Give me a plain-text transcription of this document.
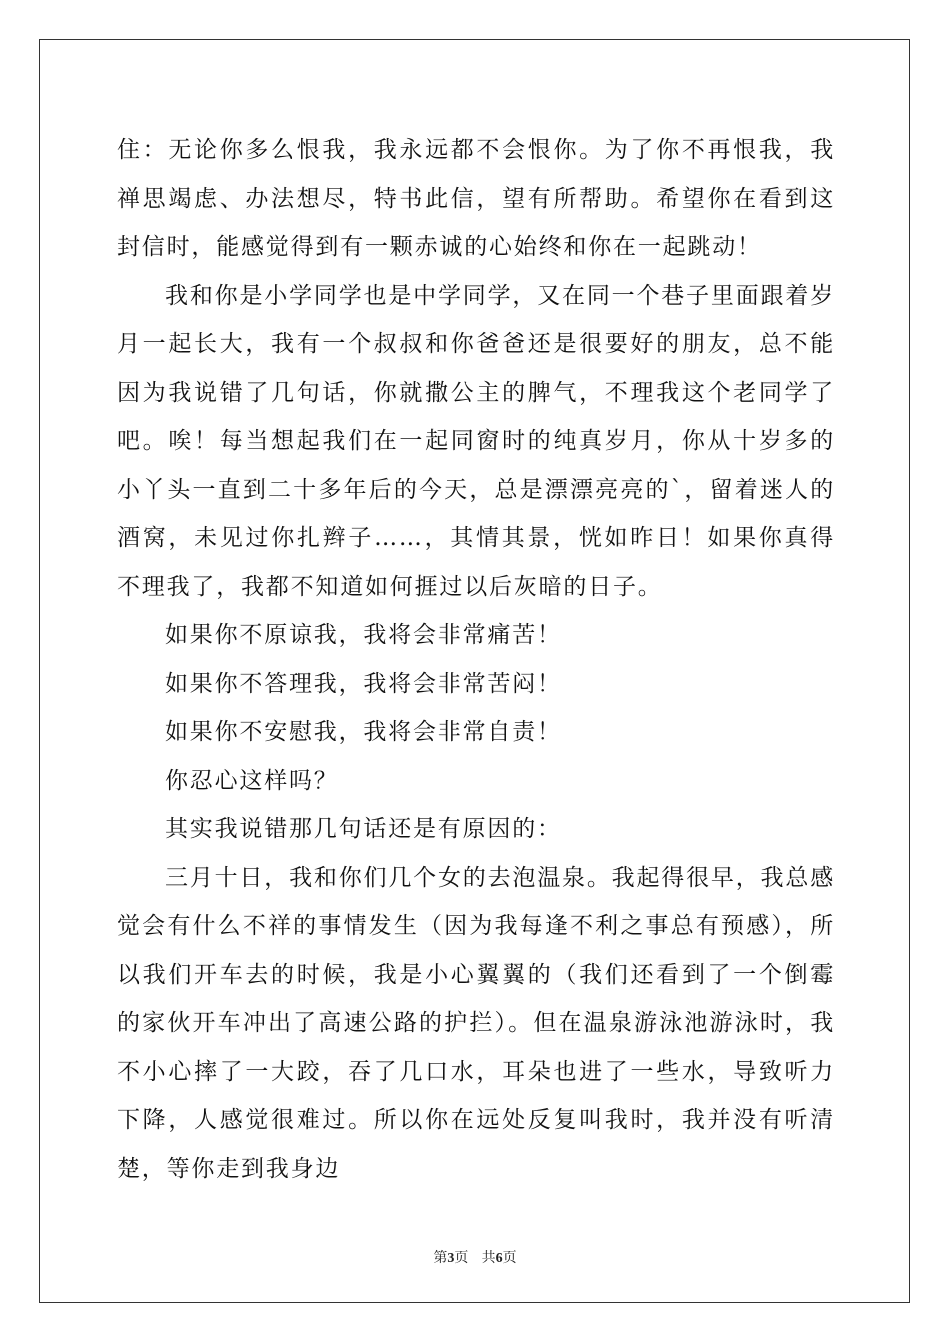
住：无论你多么恨我，我永远都不会恨你。为了你不再恨我，我禅思竭虑、办法想尽，特书此信，望有所帮助。希望你在看到这封信时，能感觉得到有一颗赤诚的心始终和你在一起跳动！

我和你是小学同学也是中学同学，又在同一个巷子里面跟着岁月一起长大，我有一个叔叔和你爸爸还是很要好的朋友，总不能因为我说错了几句话，你就撒公主的脾气，不理我这个老同学了吧。唉！每当想起我们在一起同窗时的纯真岁月，你从十岁多的小丫头一直到二十多年后的今天，总是漂漂亮亮的`，留着迷人的酒窝，未见过你扎辫子……，其情其景，恍如昨日！如果你真得不理我了，我都不知道如何捱过以后灰暗的日子。

如果你不原谅我，我将会非常痛苦！

如果你不答理我，我将会非常苦闷！

如果你不安慰我，我将会非常自责！

你忍心这样吗？

其实我说错那几句话还是有原因的：

三月十日，我和你们几个女的去泡温泉。我起得很早，我总感觉会有什么不祥的事情发生（因为我每逢不利之事总有预感），所以我们开车去的时候，我是小心翼翼的（我们还看到了一个倒霉的家伙开车冲出了高速公路的护拦）。但在温泉游泳池游泳时，我不小心摔了一大跤，吞了几口水，耳朵也进了一些水，导致听力下降，人感觉很难过。所以你在远处反复叫我时，我并没有听清楚，等你走到我身边

第3页 共6页
